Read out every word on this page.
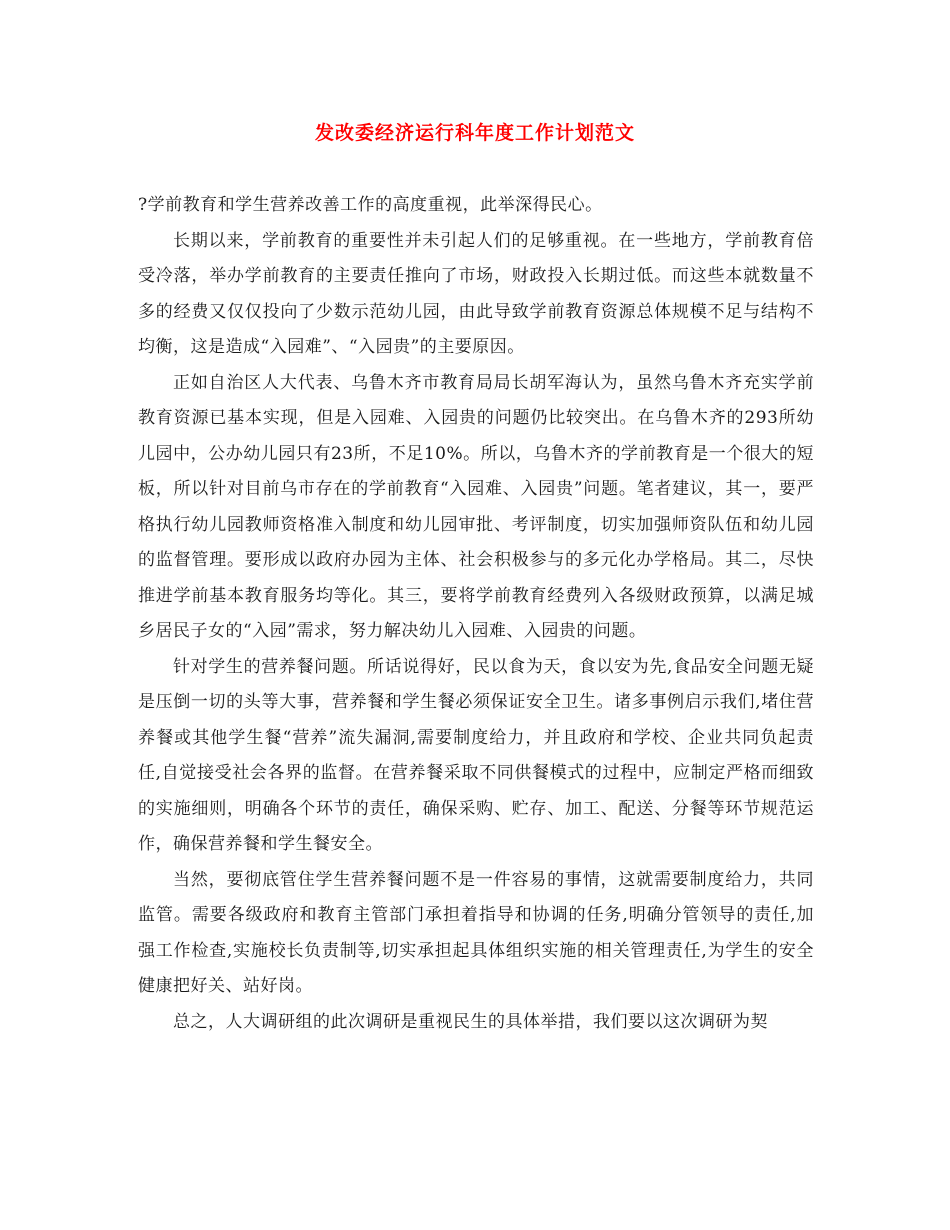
发改委经济运行科年度工作计划范文

?学前教育和学生营养改善工作的高度重视，此举深得民心。

长期以来，学前教育的重要性并未引起人们的足够重视。在一些地方，学前教育倍受冷落，举办学前教育的主要责任推向了市场，财政投入长期过低。而这些本就数量不多的经费又仅仅投向了少数示范幼儿园，由此导致学前教育资源总体规模不足与结构不均衡，这是造成“入园难”、“入园贵”的主要原因。

正如自治区人大代表、乌鲁木齐市教育局局长胡军海认为，虽然乌鲁木齐充实学前教育资源已基本实现，但是入园难、入园贵的问题仍比较突出。在乌鲁木齐的293所幼儿园中，公办幼儿园只有23所，不足10%。所以，乌鲁木齐的学前教育是一个很大的短板，所以针对目前乌市存在的学前教育“入园难、入园贵”问题。笔者建议，其一，要严格执行幼儿园教师资格准入制度和幼儿园审批、考评制度，切实加强师资队伍和幼儿园的监督管理。要形成以政府办园为主体、社会积极参与的多元化办学格局。其二，尽快推进学前基本教育服务均等化。其三，要将学前教育经费列入各级财政预算，以满足城乡居民子女的“入园”需求，努力解决幼儿入园难、入园贵的问题。

针对学生的营养餐问题。所话说得好，民以食为天，食以安为先,食品安全问题无疑是压倒一切的头等大事，营养餐和学生餐必须保证安全卫生。诸多事例启示我们,堵住营养餐或其他学生餐“营养”流失漏洞,需要制度给力，并且政府和学校、企业共同负起责任,自觉接受社会各界的监督。在营养餐采取不同供餐模式的过程中，应制定严格而细致的实施细则，明确各个环节的责任，确保采购、贮存、加工、配送、分餐等环节规范运作，确保营养餐和学生餐安全。

当然，要彻底管住学生营养餐问题不是一件容易的事情，这就需要制度给力，共同监管。需要各级政府和教育主管部门承担着指导和协调的任务,明确分管领导的责任,加强工作检查,实施校长负责制等,切实承担起具体组织实施的相关管理责任,为学生的安全健康把好关、站好岗。

总之，人大调研组的此次调研是重视民生的具体举措，我们要以这次调研为契
